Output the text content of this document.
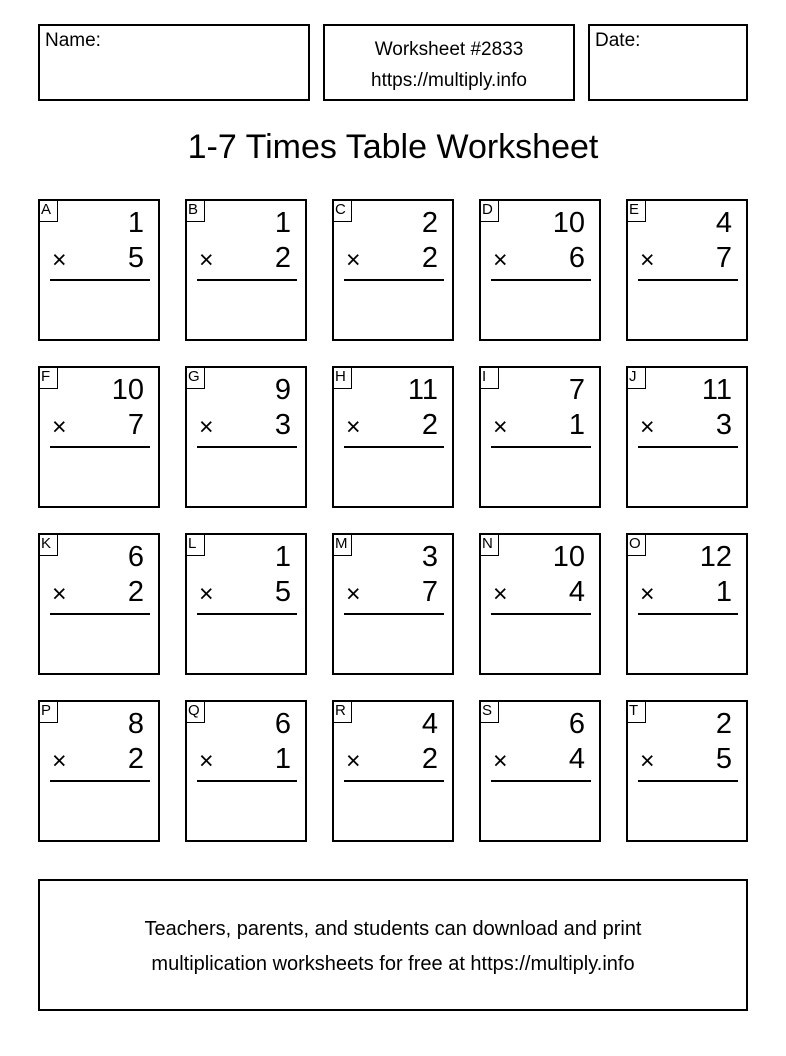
Name:	Worksheet #2833
https://multiply.info
Date:
1-7 Times Table Worksheet
A	1
× 5
B	1
× 2
C	2
× 2
D 10
× 6
E	4
× 7
F 10
× 7
G	9
× 3
H 11
× 2
I	7
× 1
J	11
× 3
K	6
× 2
L	1
× 5
M	3
× 7
N 10
× 4
O 12
× 1
P	8
× 2
Q	6
× 1
R	4
× 2
S	6
× 4
T	2
× 5
Teachers, parents, and students can download and print
multiplication worksheets for free at https://multiply.info
